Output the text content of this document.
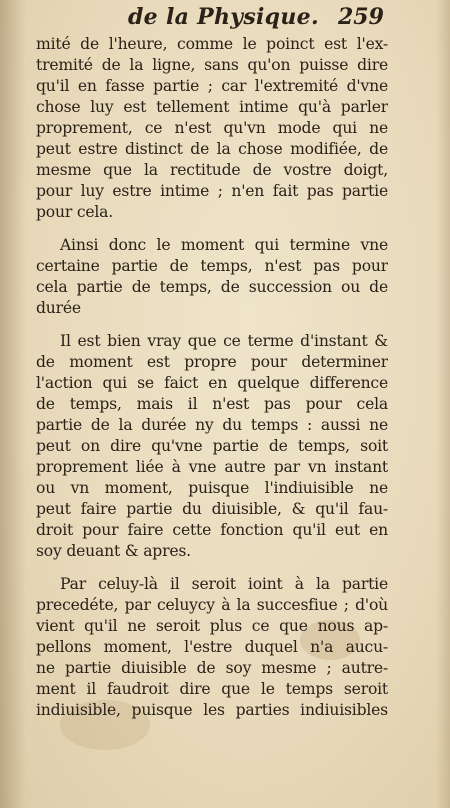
de la Physique. 259
mité de l'heure, comme le poinct est l'ex-
tremité de la ligne, sans qu'on puisse dire
qu'il en fasse partie ; car l'extremité d'vne
chose luy est tellement intime qu'à parler
proprement, ce n'est qu'vn mode qui ne
peut estre distinct de la chose modifiée, de
mesme que la rectitude de vostre doigt,
pour luy estre intime ; n'en fait pas partie
pour cela.
Ainsi donc le moment qui termine vne
certaine partie de temps, n'est pas pour
cela partie de temps, de succession ou de
durée
Il est bien vray que ce terme d'instant &
de moment est propre pour determiner
l'action qui se faict en quelque difference
de temps, mais il n'est pas pour cela
partie de la durée ny du temps : aussi ne
peut on dire qu'vne partie de temps, soit
proprement liée à vne autre par vn instant
ou vn moment, puisque l'indiuisible ne
peut faire partie du diuisible, & qu'il fau-
droit pour faire cette fonction qu'il eut en
soy deuant & apres.
Par celuy-là il seroit ioint à la partie
precedéte, par celuycy à la succesfiue ; d'où
vient qu'il ne seroit plus ce que nous ap-
pellons moment, l'estre duquel n'a aucu-
ne partie diuisible de soy mesme ; autre-
ment il faudroit dire que le temps seroit
indiuisible, puisque les parties indiuisibles
